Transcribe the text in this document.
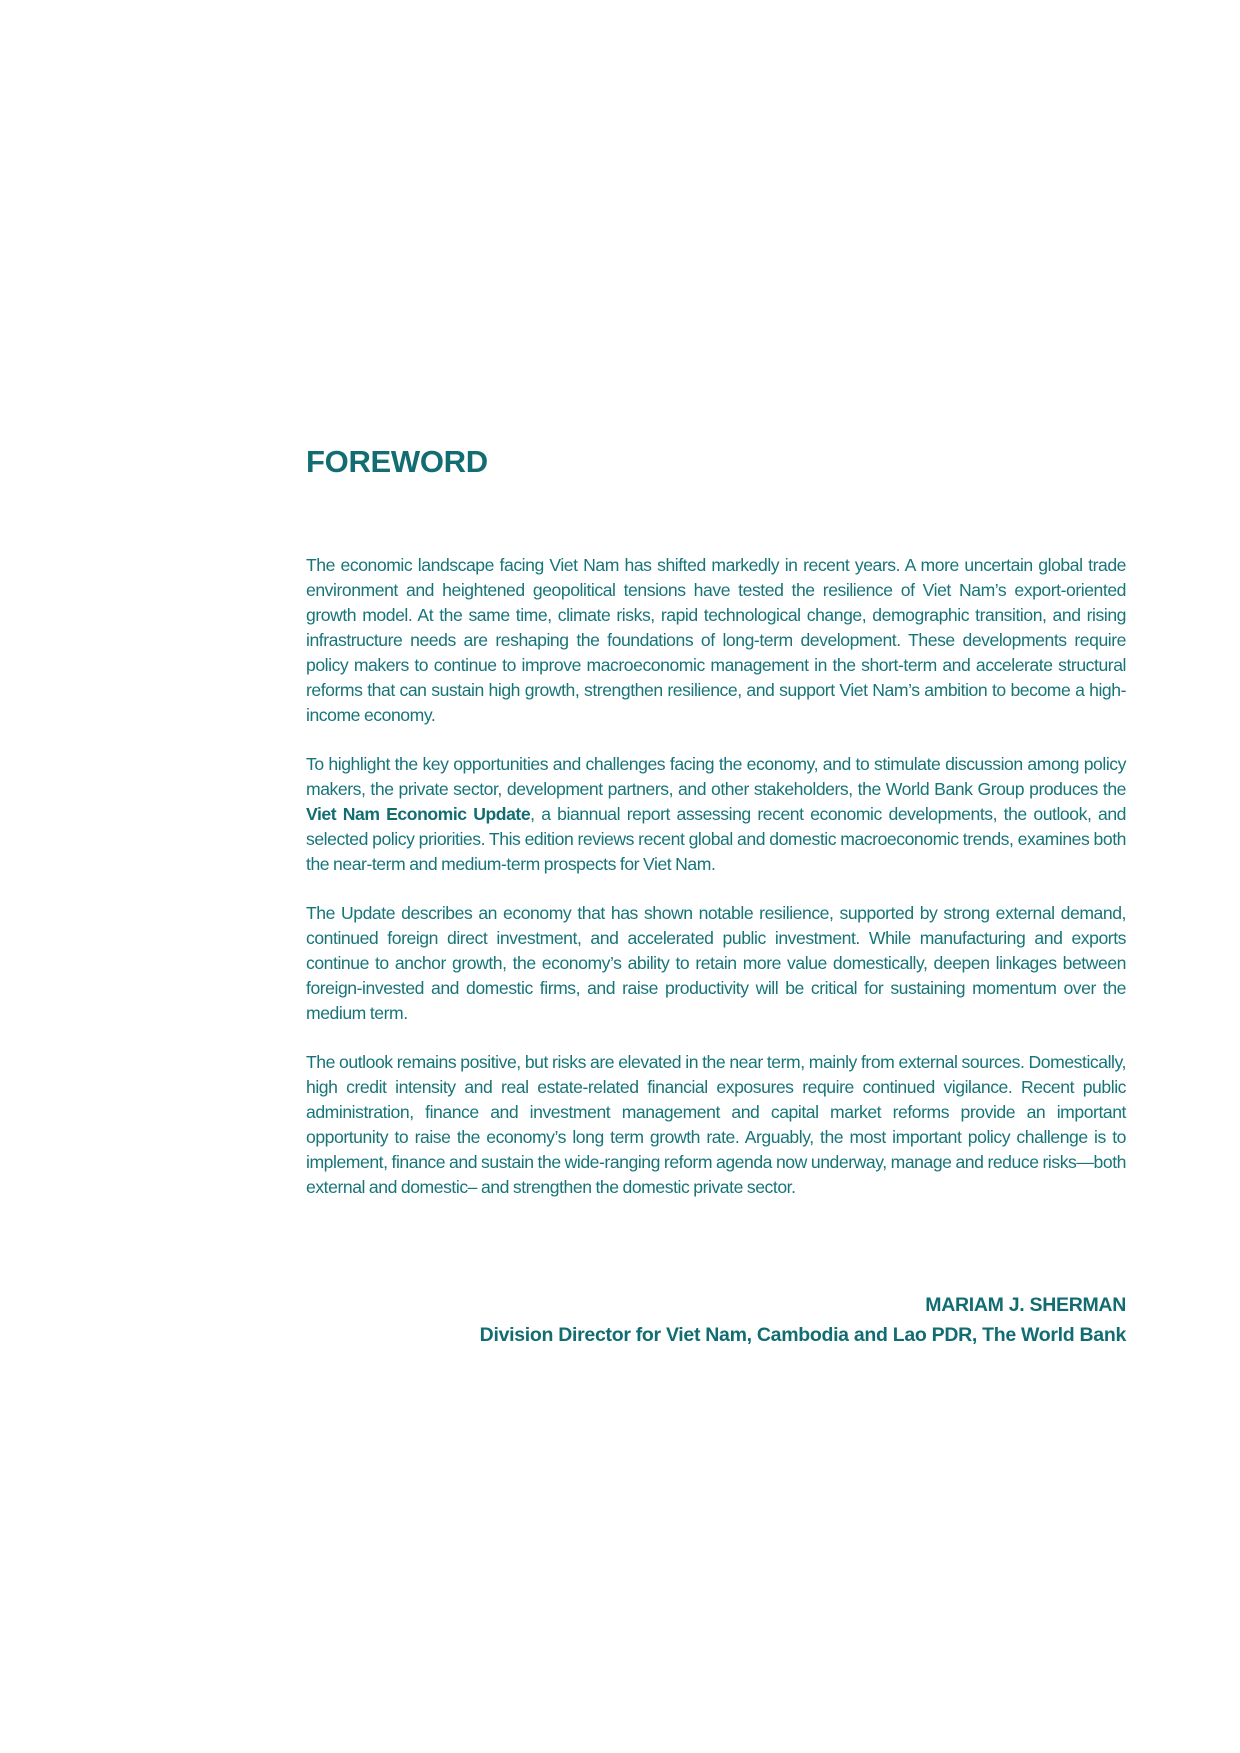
FOREWORD

The economic landscape facing Viet Nam has shifted markedly in recent years. A more uncertain global trade environment and heightened geopolitical tensions have tested the resilience of Viet Nam’s export-oriented growth model. At the same time, climate risks, rapid technological change, demographic transition, and rising infrastructure needs are reshaping the foundations of long-term development. These developments require policy makers to continue to improve macroeconomic management in the short-term and accelerate structural reforms that can sustain high growth, strengthen resilience, and support Viet Nam’s ambition to become a high-income economy.

To highlight the key opportunities and challenges facing the economy, and to stimulate discussion among policy makers, the private sector, development partners, and other stakeholders, the World Bank Group produces the Viet Nam Economic Update, a biannual report assessing recent economic developments, the outlook, and selected policy priorities. This edition reviews recent global and domestic macroeconomic trends, examines both the near-term and medium-term prospects for Viet Nam.

The Update describes an economy that has shown notable resilience, supported by strong external demand, continued foreign direct investment, and accelerated public investment. While manufacturing and exports continue to anchor growth, the economy’s ability to retain more value domestically, deepen linkages between foreign-invested and domestic firms, and raise productivity will be critical for sustaining momentum over the medium term.

The outlook remains positive, but risks are elevated in the near term, mainly from external sources. Domestically, high credit intensity and real estate-related financial exposures require continued vigilance. Recent public administration, finance and investment management and capital market reforms provide an important opportunity to raise the economy’s long term growth rate. Arguably, the most important policy challenge is to implement, finance and sustain the wide-ranging reform agenda now underway, manage and reduce risks—both external and domestic– and strengthen the domestic private sector.

MARIAM J. SHERMAN
Division Director for Viet Nam, Cambodia and Lao PDR, The World Bank
